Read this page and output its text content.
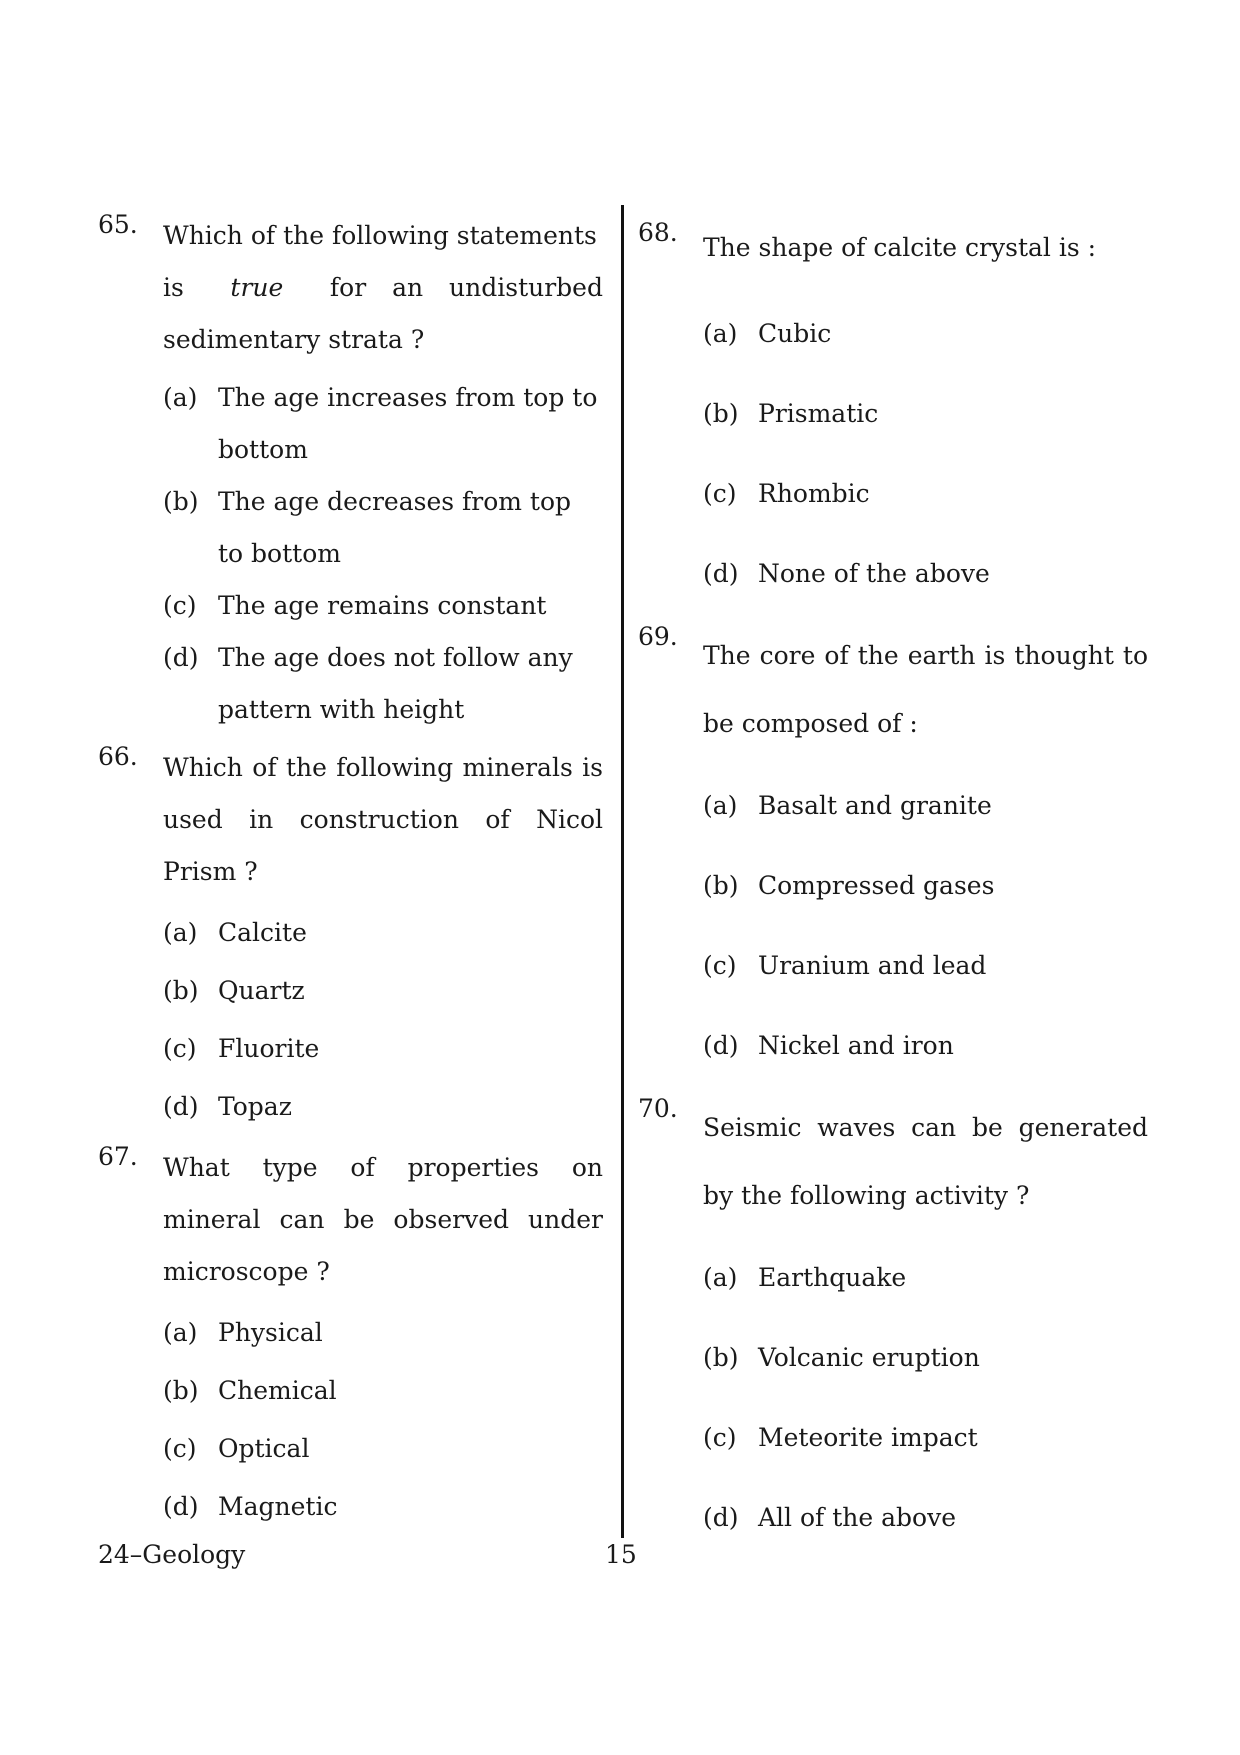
65. Which of the following statements
is true for an undisturbed
sedimentary strata ?
(a) The age increases from top to bottom
(b) The age decreases from top to bottom
(c) The age remains constant
(d) The age does not follow any pattern with height
66. Which of the following minerals is used in construction of Nicol Prism ?
(a) Calcite
(b) Quartz
(c) Fluorite
(d) Topaz
67. What type of properties on mineral can be observed under microscope ?
(a) Physical
(b) Chemical
(c) Optical
(d) Magnetic
68.
The shape of calcite crystal is :
(a) Cubic
(b) Prismatic
(c) Rhombic
(d) None of the above
69.
The core of the earth is thought to be composed of :
(a) Basalt and granite
(b) Compressed gases
(c) Uranium and lead
(d) Nickel and iron
70.
Seismic waves can be generated by the following activity ?
(a) Earthquake
(b) Volcanic eruption
(c) Meteorite impact
(d) All of the above
24–Geology	15
